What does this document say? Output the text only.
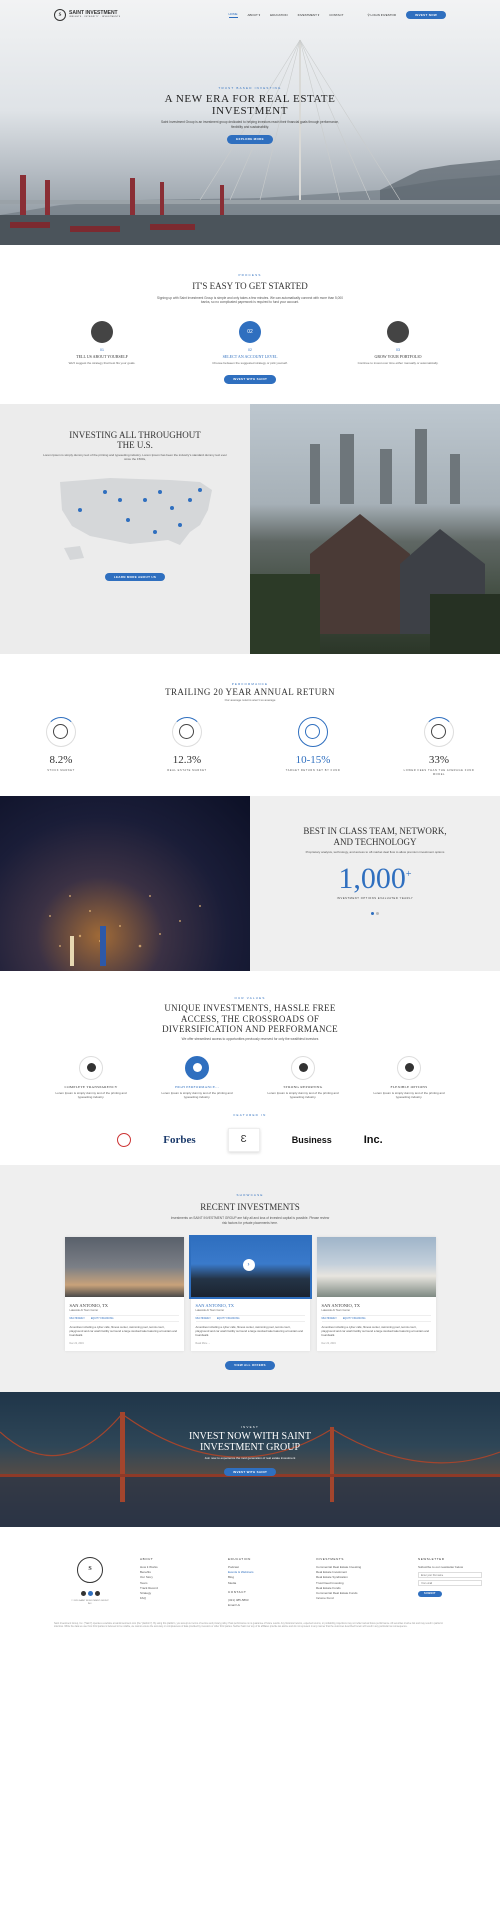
S	SAINT INVESTMENT
INSIGHTS · INTEGRITY · INVESTMENTS
HOME	ABOUT ▾	EDUCATION	INVESTMENT ▾	CONTACT	⚲ LOGIN INVESTOR	INVEST NOW
TRUST BASED INVESTING
A NEW ERA FOR REAL ESTATE INVESTMENT

Saint Investment Group is an investment group dedicated to helping investors reach their financial goals through performance, flexibility and sustainability.

EXPLORE MORE
PROCESS
IT'S EASY TO GET STARTED

Signing up with Saint Investment Group is simple and only takes a few minutes. We can automatically connect with more than 5,000 banks, so no complicated paperwork is required to fund your account.

01
TELL US ABOUT YOURSELF
We'll suggest the strategy that best fits your goals.
02
02
SELECT AN ACCOUNT LEVEL
Choose between the suggested strategy or pick yourself.
03
GROW YOUR PORTFOLIO
Continue to invest over time either manually or automatically.
INVEST WITH SAINT
INVESTING ALL THROUGHOUT THE U.S.

Lorem Ipsum is simply dummy text of the printing and typesetting industry. Lorem Ipsum has been the industry's standard dummy text ever since the 1500s,

LEARN MORE ABOUT US
PERFORMANCE
TRAILING 20 YEAR ANNUAL RETURN
Our average returns aren't so average
8.2%
STOCK MARKET
12.3%
REAL ESTATE MARKET
10-15%
TARGET RETURN SET BY FUND
33%
LOWER FEES THAN THE AVERAGE FUND MODEL
BEST IN CLASS TEAM, NETWORK, AND TECHNOLOGY

Proprietary analysis, technology, and access to off-market deal flow to allow premium investment options

1,000+
INVESTMENT OPTIONS EVALUATED YEARLY
OUR VALUES
UNIQUE INVESTMENTS, HASSLE FREE ACCESS, THE CROSSROADS OF DIVERSIFICATION AND PERFORMANCE

We offer streamlined access to opportunities previously reserved for only the wealthiest investors

COMPLETE TRANSPARENCY
Lorem Ipsum is simply dummy text of the printing and typesetting industry.
HIGH PERFORMANCE...
Lorem Ipsum is simply dummy text of the printing and typesetting industry.
STRONG REPORTING
Lorem Ipsum is simply dummy text of the printing and typesetting industry.
FLEXIBLE OPTIONS
Lorem Ipsum is simply dummy text of the printing and typesetting industry.
FEATURED IN
Forbes	Ɛ	Business	Inc.
SHOWCASE
RECENT INVESTMENTS

Investments on SAINT INVESTMENT GROUP are fully all and loss of invested capital is possible. Please review risk factors for private placements here.

SAN ANTONIO, TX
Lakeside At Town Center
MULTIFAMILY	EQUITY FINANCING
Amenities including a cyber café, fitness center, swimming pool, tennis court, playground and car wash facility surround a large stocked lake featuring a fountain and boardwalk.
Dec 22, 2019
›
SAN ANTONIO, TX
Lakeside At Town Center
MULTIFAMILY	EQUITY FINANCING
Amenities including a cyber café, fitness center, swimming pool, tennis court, playground and car wash facility surround a large stocked lake featuring a fountain and boardwalk.
Read More →
SAN ANTONIO, TX
Lakeside At Town Center
MULTIFAMILY	EQUITY FINANCING
Amenities including a cyber café, fitness center, swimming pool, tennis court, playground and car wash facility surround a large stocked lake featuring a fountain and boardwalk.
Dec 22, 2019
VIEW ALL OFFERS
INVEST
INVEST NOW WITH SAINT INVESTMENT GROUP

Join now to experience the next generation of real estate investment

INVEST WITH SAINT
S
© 2020 SAINT INVESTMENT GROUP INC.
ABOUT
How it Works
Benefits
Our Story
Team
Track Record
Strategy
FAQ
EDUCATION
Podcast
Events & Webinars
Blog
Media
CONTACT
(321) 485-5893
Email Us
INVESTMENTS
Commercial Real Estate Investing
Real Estate Investment
Real Estate Syndication
Trust Deed Investing
Real Estate Funds
Commercial Real Estate Funds
Income Fund
NEWSLETTER
Subscribe to our newsletter below
Enter your first name Your email
SUBMIT
Saint Investment Group, Inc. ("Saint") operates a website at saintinvestment.com (the "platform"). By using this platform, you accept our terms of service and privacy policy. Past performance is no guarantee of future results. Any historical returns, expected returns, or probability projections may not reflect actual future performance. All securities involve risk and may result in partial or total loss. While the data we use from third parties is believed to be reliable, we cannot ensure the accuracy or completeness of data provided by investors or other third parties. Neither Saint nor any of its affiliates provide tax advice and do not represent in any manner that the outcomes described herein will result in any particular tax consequence.
